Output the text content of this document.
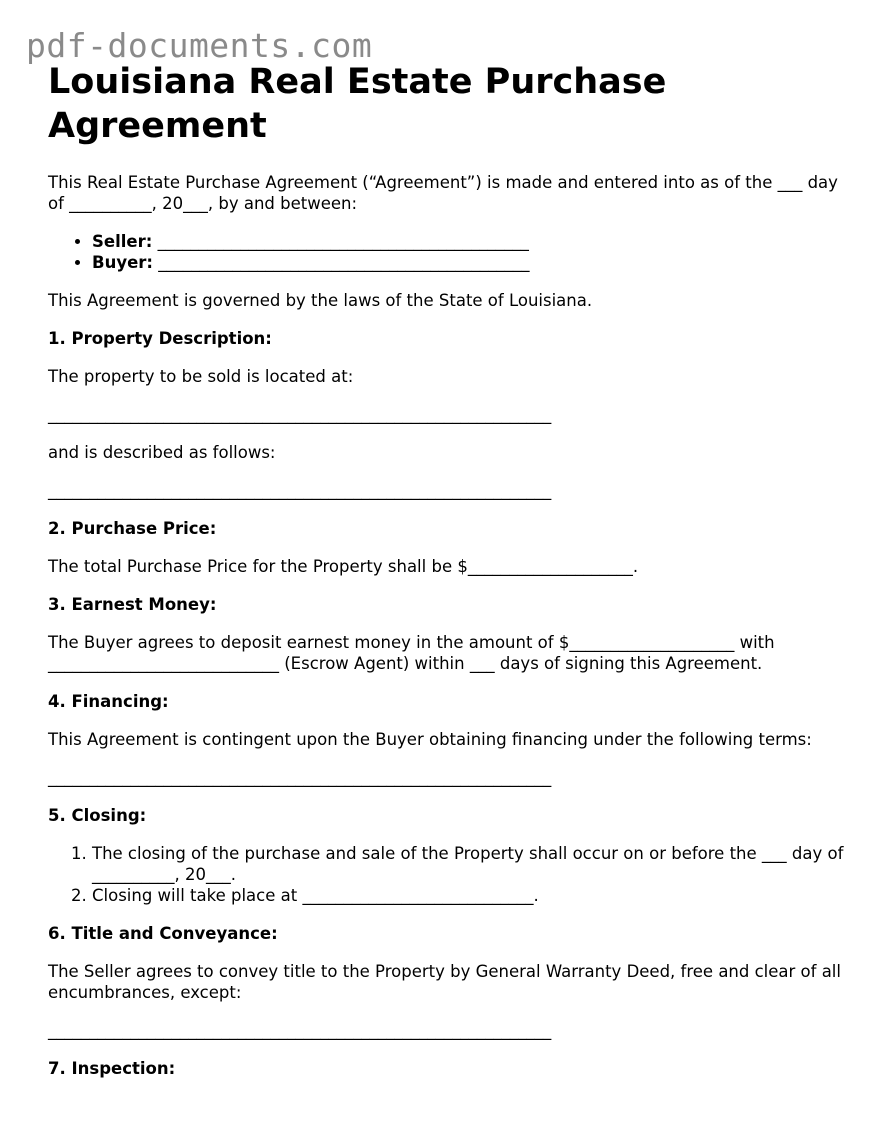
pdf-documents.com
Louisiana Real Estate Purchase Agreement

This Real Estate Purchase Agreement (“Agreement”) is made and entered into as of the ___ day of __________, 20___, by and between:

• Seller: _____________________________________________
• Buyer: _____________________________________________

This Agreement is governed by the laws of the State of Louisiana.

1. Property Description:

The property to be sold is located at:

_____________________________________________________________

and is described as follows:

_____________________________________________________________

2. Purchase Price:

The total Purchase Price for the Property shall be $____________________.

3. Earnest Money:

The Buyer agrees to deposit earnest money in the amount of $____________________ with ____________________________ (Escrow Agent) within ___ days of signing this Agreement.

4. Financing:

This Agreement is contingent upon the Buyer obtaining financing under the following terms:

_____________________________________________________________

5. Closing:
1. The closing of the purchase and sale of the Property shall occur on or before the ___ day of __________, 20___.
2. Closing will take place at ____________________________.
6. Title and Conveyance:

The Seller agrees to convey title to the Property by General Warranty Deed, free and clear of all encumbrances, except:

_____________________________________________________________

7. Inspection:
